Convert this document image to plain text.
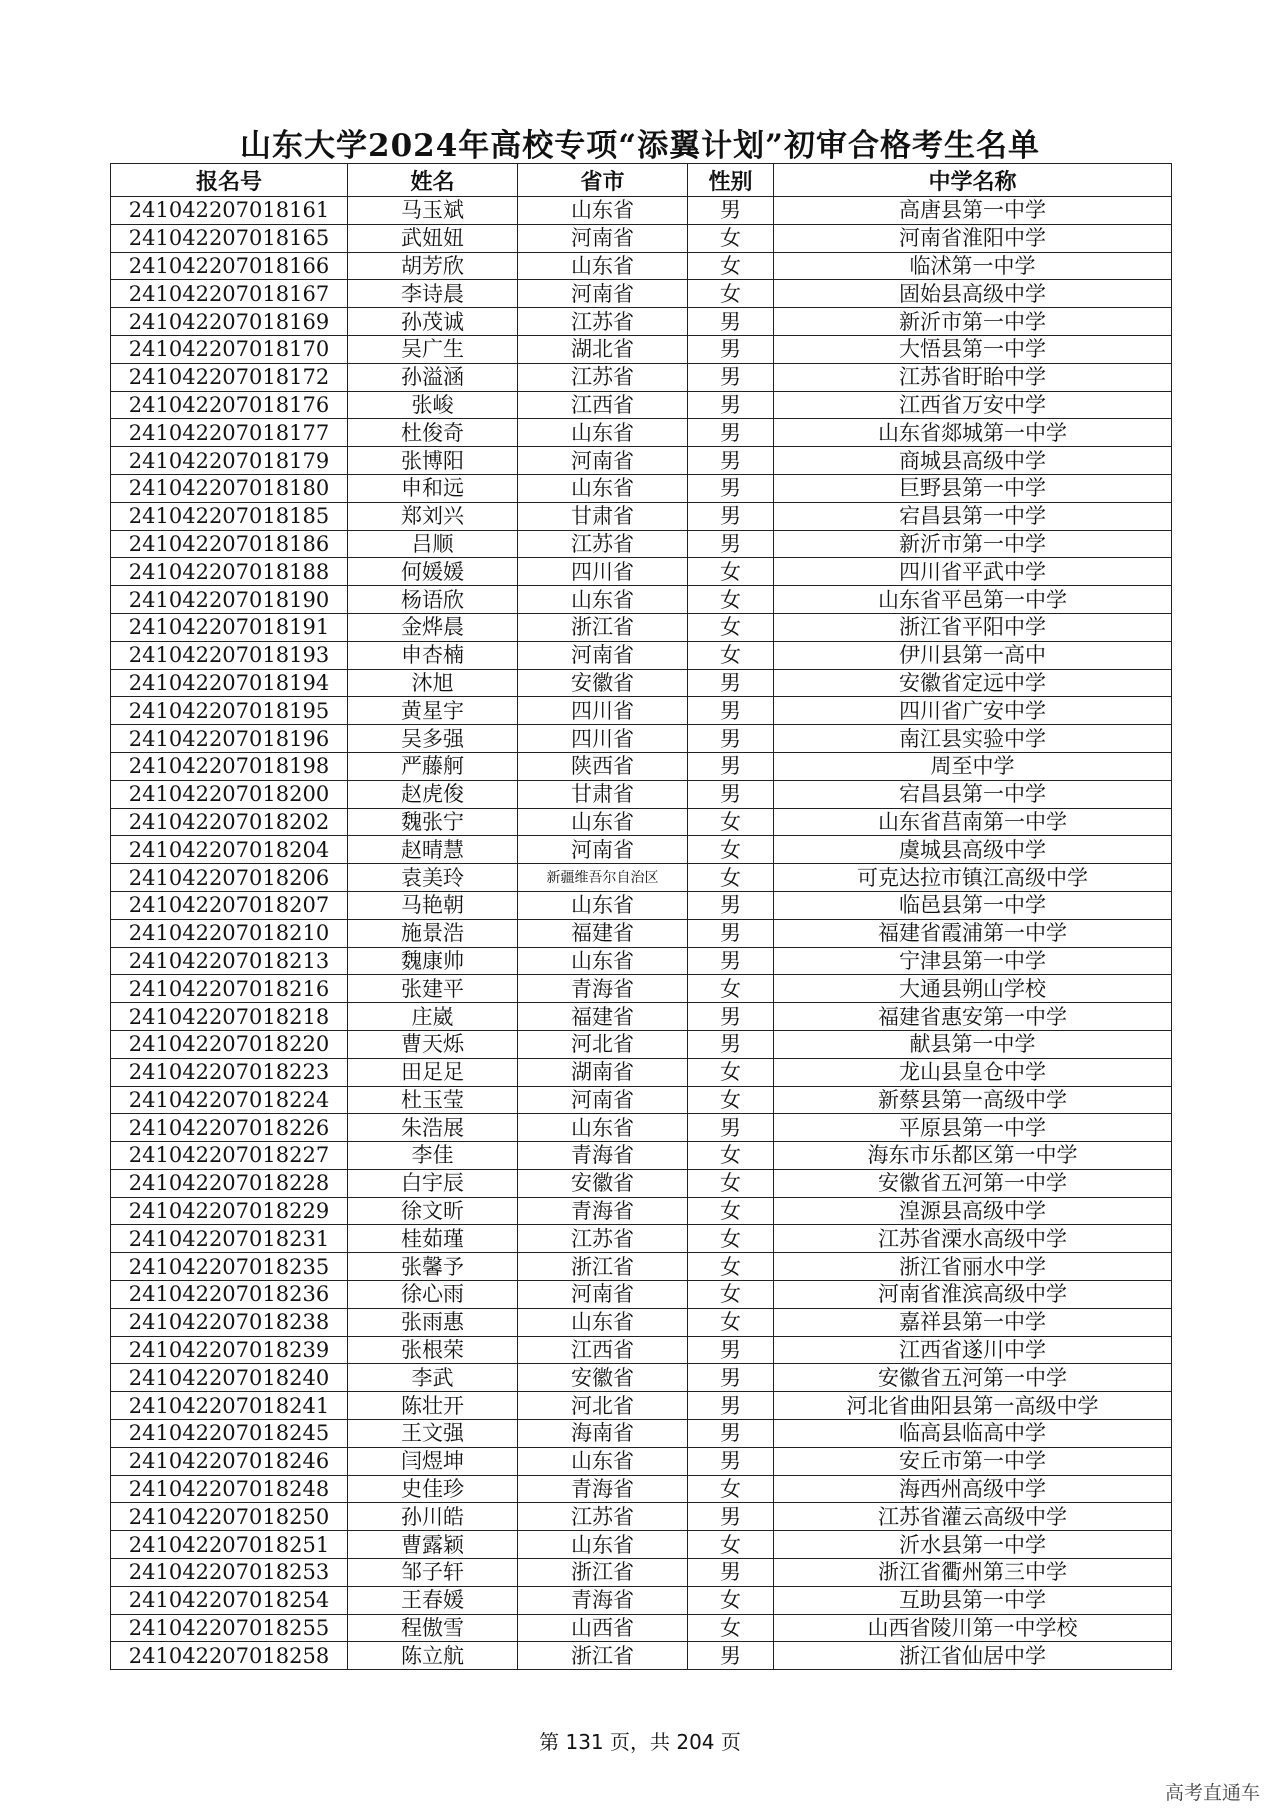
山东大学2024年高校专项“添翼计划”初审合格考生名单
报名号	姓名	省市	性别	中学名称
241042207018161	马玉斌	山东省	男	高唐县第一中学
241042207018165	武妞妞	河南省	女	河南省淮阳中学
241042207018166	胡芳欣	山东省	女	临沭第一中学
241042207018167	李诗晨	河南省	女	固始县高级中学
241042207018169	孙茂诚	江苏省	男	新沂市第一中学
241042207018170	吴广生	湖北省	男	大悟县第一中学
241042207018172	孙溢涵	江苏省	男	江苏省盱眙中学
241042207018176	张峻	江西省	男	江西省万安中学
241042207018177	杜俊奇	山东省	男	山东省郯城第一中学
241042207018179	张博阳	河南省	男	商城县高级中学
241042207018180	申和远	山东省	男	巨野县第一中学
241042207018185	郑刘兴	甘肃省	男	宕昌县第一中学
241042207018186	吕顺	江苏省	男	新沂市第一中学
241042207018188	何媛媛	四川省	女	四川省平武中学
241042207018190	杨语欣	山东省	女	山东省平邑第一中学
241042207018191	金烨晨	浙江省	女	浙江省平阳中学
241042207018193	申杏楠	河南省	女	伊川县第一高中
241042207018194	沐旭	安徽省	男	安徽省定远中学
241042207018195	黄星宇	四川省	男	四川省广安中学
241042207018196	吴多强	四川省	男	南江县实验中学
241042207018198	严藤舸	陕西省	男	周至中学
241042207018200	赵虎俊	甘肃省	男	宕昌县第一中学
241042207018202	魏张宁	山东省	女	山东省莒南第一中学
241042207018204	赵晴慧	河南省	女	虞城县高级中学
241042207018206	袁美玲	新疆维吾尔自治区	女	可克达拉市镇江高级中学
241042207018207	马艳朝	山东省	男	临邑县第一中学
241042207018210	施景浩	福建省	男	福建省霞浦第一中学
241042207018213	魏康帅	山东省	男	宁津县第一中学
241042207018216	张建平	青海省	女	大通县朔山学校
241042207018218	庄崴	福建省	男	福建省惠安第一中学
241042207018220	曹天烁	河北省	男	献县第一中学
241042207018223	田足足	湖南省	女	龙山县皇仓中学
241042207018224	杜玉莹	河南省	女	新蔡县第一高级中学
241042207018226	朱浩展	山东省	男	平原县第一中学
241042207018227	李佳	青海省	女	海东市乐都区第一中学
241042207018228	白宇辰	安徽省	女	安徽省五河第一中学
241042207018229	徐文昕	青海省	女	湟源县高级中学
241042207018231	桂茹瑾	江苏省	女	江苏省溧水高级中学
241042207018235	张馨予	浙江省	女	浙江省丽水中学
241042207018236	徐心雨	河南省	女	河南省淮滨高级中学
241042207018238	张雨惠	山东省	女	嘉祥县第一中学
241042207018239	张根荣	江西省	男	江西省遂川中学
241042207018240	李武	安徽省	男	安徽省五河第一中学
241042207018241	陈壮开	河北省	男	河北省曲阳县第一高级中学
241042207018245	王文强	海南省	男	临高县临高中学
241042207018246	闫煜坤	山东省	男	安丘市第一中学
241042207018248	史佳珍	青海省	女	海西州高级中学
241042207018250	孙川皓	江苏省	男	江苏省灌云高级中学
241042207018251	曹露颖	山东省	女	沂水县第一中学
241042207018253	邹子轩	浙江省	男	浙江省衢州第三中学
241042207018254	王春媛	青海省	女	互助县第一中学
241042207018255	程傲雪	山西省	女	山西省陵川第一中学校
241042207018258	陈立航	浙江省	男	浙江省仙居中学
第 131 页，共 204 页
高考直通车
